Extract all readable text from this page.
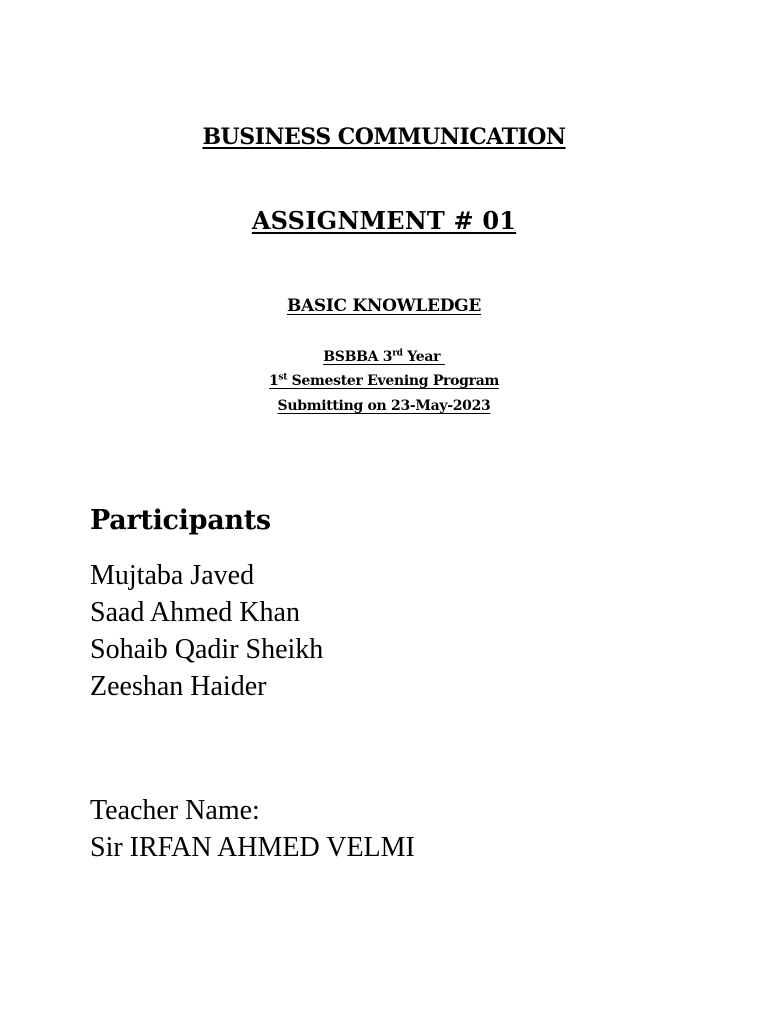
BUSINESS COMMUNICATION
ASSIGNMENT # 01
BASIC KNOWLEDGE
BSBBA 3rd Year
1st Semester Evening Program
Submitting on 23-May-2023
Participants
Mujtaba Javed
Saad Ahmed Khan
Sohaib Qadir Sheikh
Zeeshan Haider
Teacher Name:
Sir IRFAN AHMED VELMI
